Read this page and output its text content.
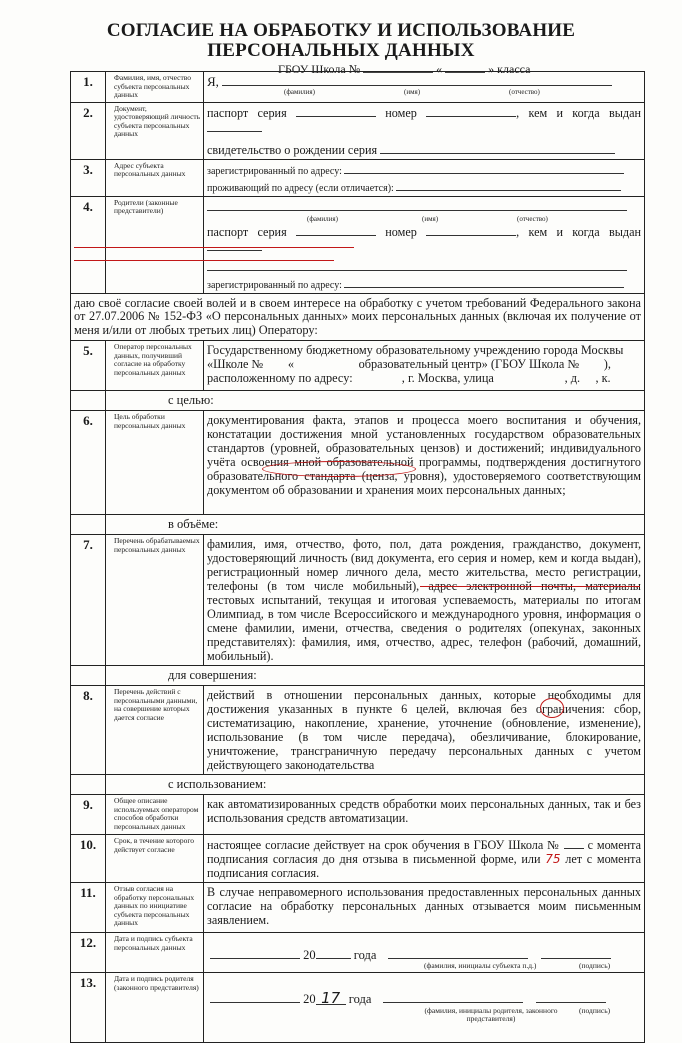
СОГЛАСИЕ НА ОБРАБОТКУ И ИСПОЛЬЗОВАНИЕ
ПЕРСОНАЛЬНЫХ ДАННЫХ
ГБОУ Школа №	«	» класса
1.	Фамилия, имя, отчество субъекта персональных данных	Я,
(фамилия) (имя) (отчество)

2.	Документ, удостоверяющий личность субъекта персональных данных	паспорт серия номер , кем и когда выдан
свидетельство о рождении серия

3.	Адрес субъекта персональных данных	зарегистрированный по адресу:
проживающий по адресу (если отличается):

4.	Родители (законные представители)	(фамилия) (имя) (отчество)
паспорт серия номер , кем и когда выдан
зарегистрированный по адресу:

даю своё согласие своей волей и в своем интересе на обработку с учетом требований Федерального закона от 27.07.2006 № 152-ФЗ «О персональных данных» моих персональных данных (включая их получение от меня и/или от любых третьих лиц) Оператору:		
5.	Оператор персональных данных, получивший согласие на обработку персональных данных	Государственному бюджетному образовательному учреждению города Москвы
«Школе №        «                     образовательный центр» (ГБОУ Школа №        ),
расположенному по адресу:                , г. Москва, улица                       , д.     , к.

	с целью:	
6.	Цель обработки персональных данных	документирования факта, этапов и процесса моего воспитания и обучения, констатации достижения мной установленных государством образовательных стандартов (уровней, образовательных цензов) и достижений; индивидуального учёта освоения мной образовательной программы, подтверждения достигнутого образовательного стандарта (ценза, уровня), удостоверяемого соответствующим документом об образовании и хранения моих персональных данных;
	в объёме:	
7.	Перечень обрабатываемых персональных данных	фамилия, имя, отчество, фото, пол, дата рождения, гражданство, документ, удостоверяющий личность (вид документа, его серия и номер, кем и когда выдан), регистрационный номер личного дела, место жительства, место регистрации, телефоны (в том числе мобильный), адрес электронной почты, материалы тестовых испытаний, текущая и итоговая успеваемость, материалы по итогам Олимпиад, в том числе Всероссийского и международного уровня, информация о смене фамилии, имени, отчества, сведения о родителях (опекунах, законных представителях): фамилия, имя, отчество, адрес, телефон (рабочий, домашний, мобильный).
	для совершения:	
8.	Перечень действий с персональными данными, на совершение которых дается согласие	действий в отношении персональных данных, которые необходимы для достижения указанных в пункте 6 целей, включая без ограничения: сбор, систематизацию, накопление, хранение, уточнение (обновление, изменение), использование (в том числе передача), обезличивание, блокирование, уничтожение, трансграничную передачу персональных данных с учетом действующего законодательства
	с использованием:	
9.	Общее описание используемых оператором способов обработки персональных данных	как автоматизированных средств обработки моих персональных данных, так и без использования средств автоматизации.
10.	Срок, в течение которого действует согласие	настоящее согласие действует на срок обучения в ГБОУ Школа № с момента подписания согласия до дня отзыва в письменной форме, или 75 лет с момента подписания согласия.
11.	Отзыв согласия на обработку персональных данных по инициативе субъекта персональных данных	В случае неправомерного использования предоставленных персональных данных согласие на обработку персональных данных отзывается моим письменным заявлением.
12.	Дата и подпись субъекта персональных данных	20 года
(фамилия, инициалы субъекта п.д.) (подпись)

13.	Дата и подпись родителя (законного представителя)	20 17 года
(фамилия, инициалы родителя, законного представителя)
(подпись)
